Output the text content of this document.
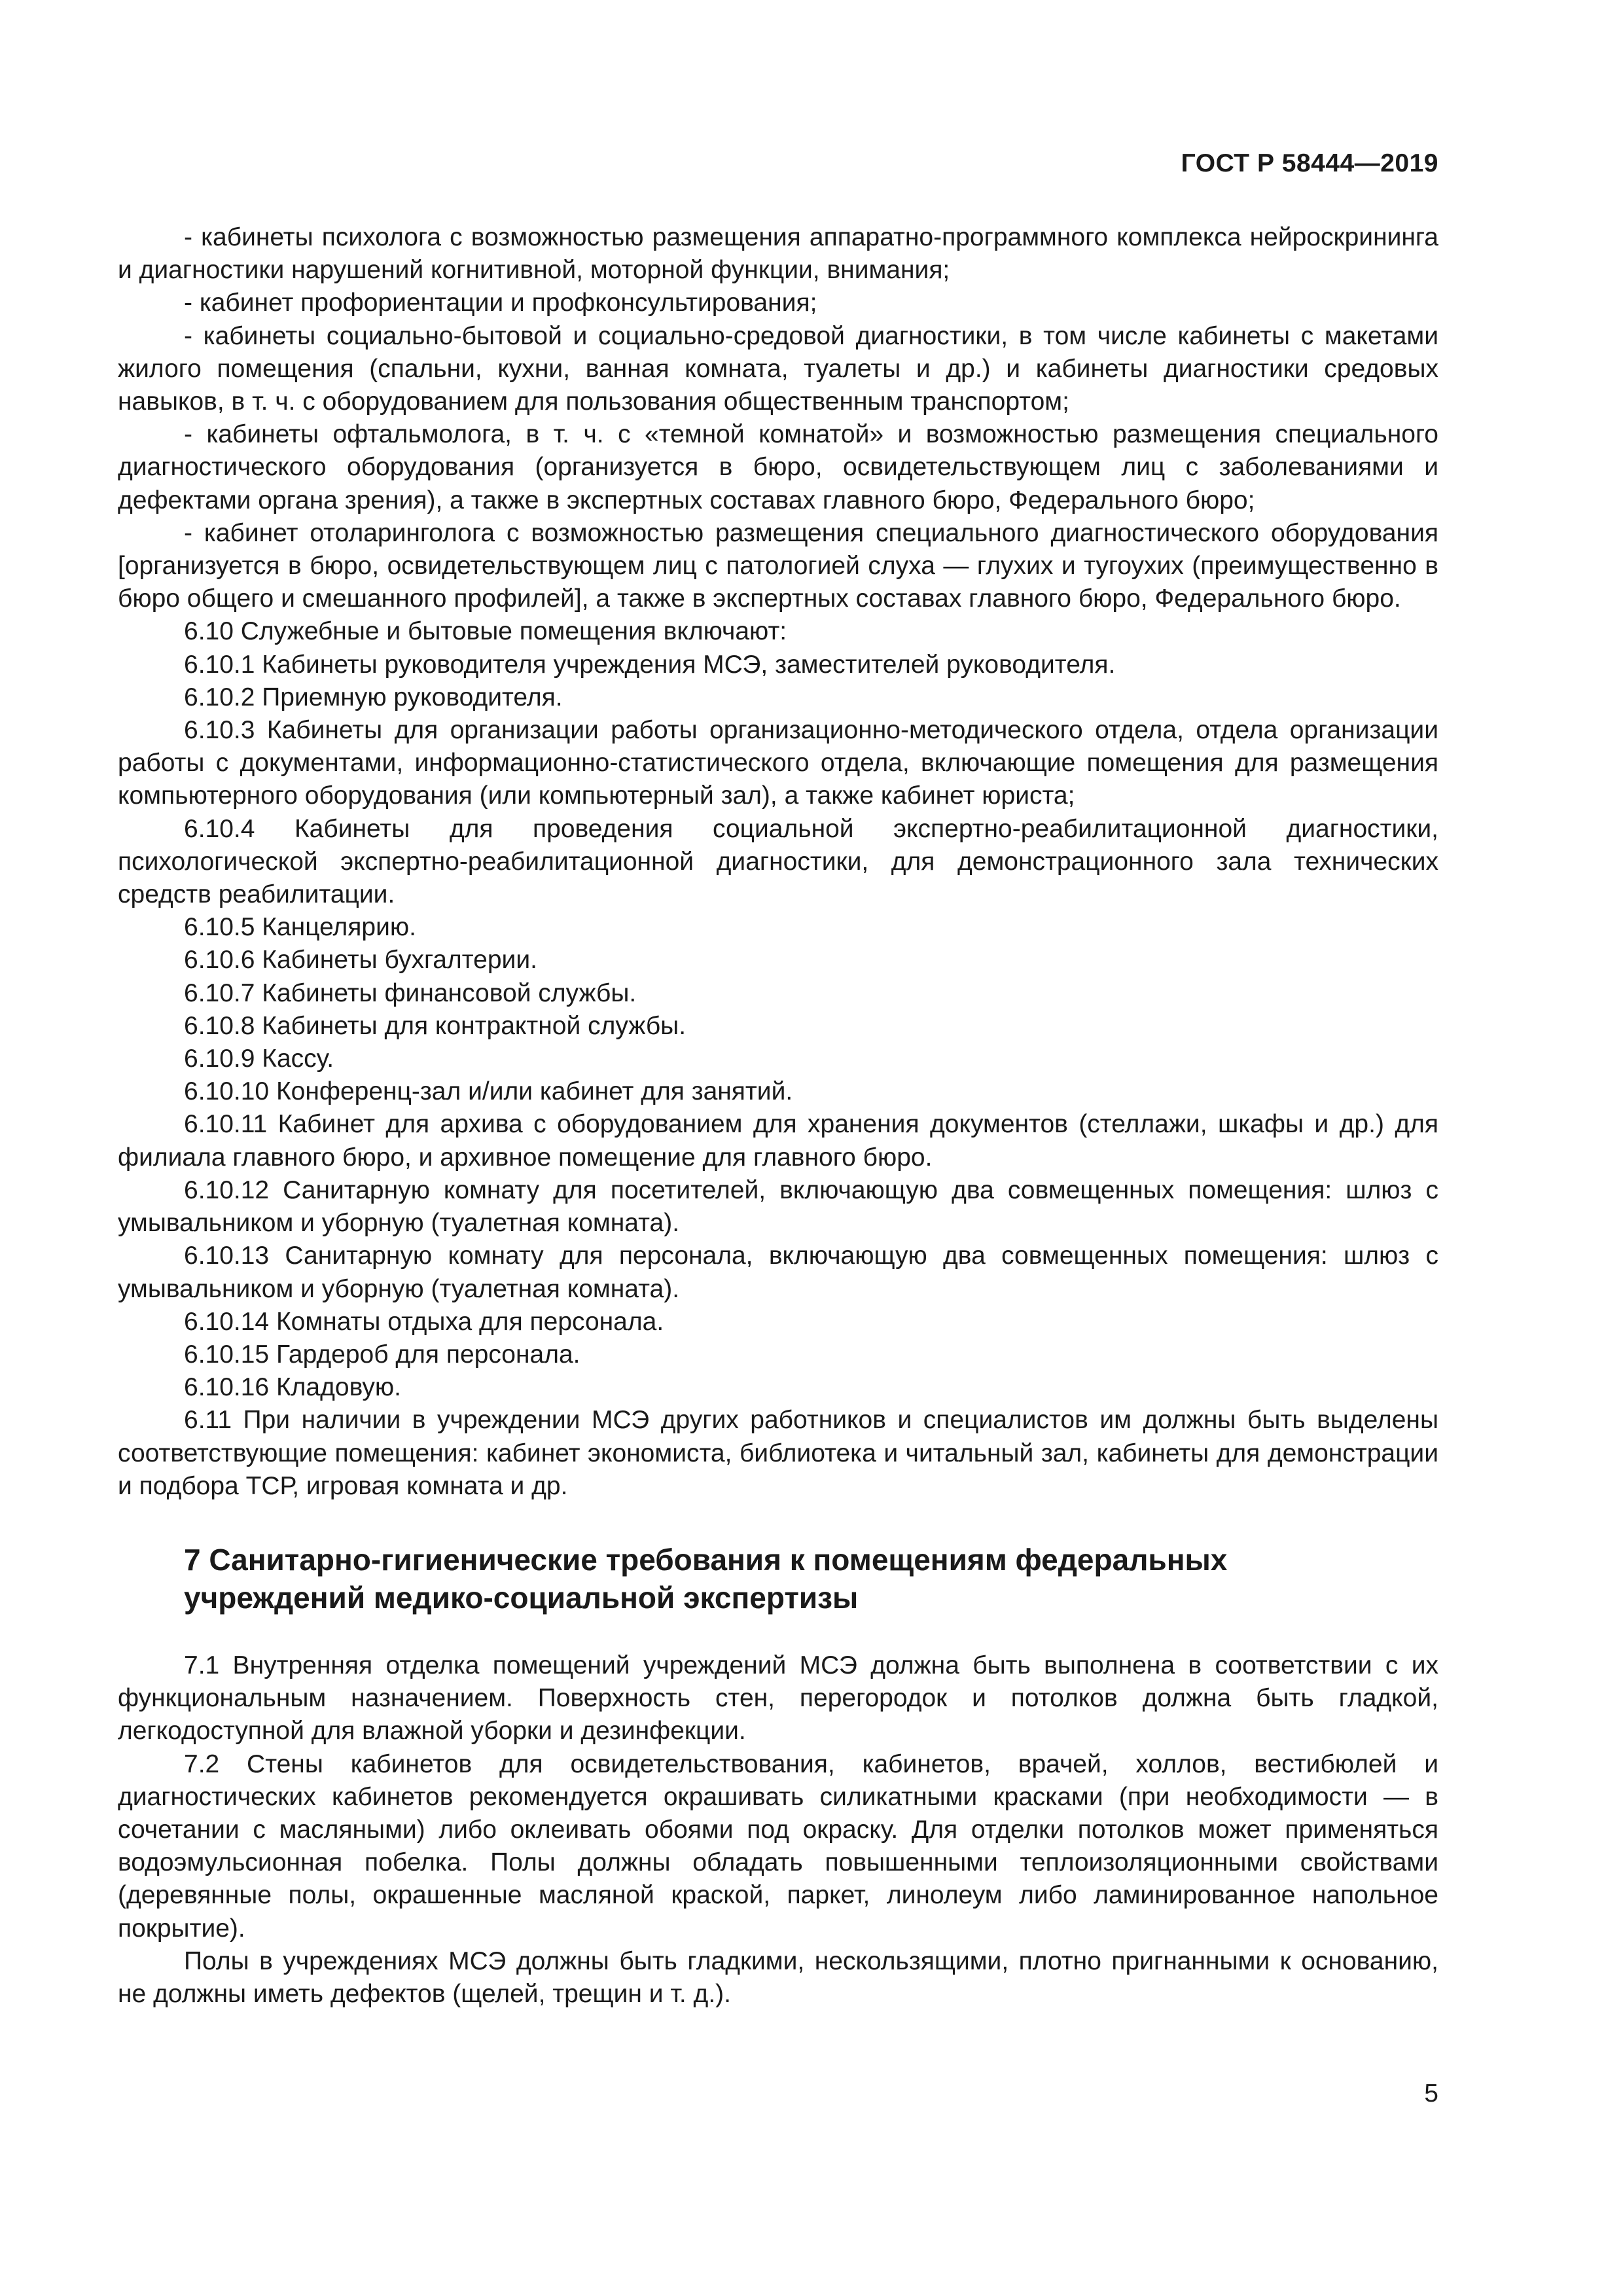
ГОСТ Р 58444—2019

- кабинеты психолога с возможностью размещения аппаратно-программного комплекса нейроскрининга и диагностики нарушений когнитивной, моторной функции, внимания;

- кабинет профориентации и профконсультирования;

- кабинеты социально-бытовой и социально-средовой диагностики, в том числе кабинеты с макетами жилого помещения (спальни, кухни, ванная комната, туалеты и др.) и кабинеты диагностики средовых навыков, в т. ч. с оборудованием для пользования общественным транспортом;

- кабинеты офтальмолога, в т. ч. с «темной комнатой» и возможностью размещения специального диагностического оборудования (организуется в бюро, освидетельствующем лиц с заболеваниями и дефектами органа зрения), а также в экспертных составах главного бюро, Федерального бюро;

- кабинет отоларинголога с возможностью размещения специального диагностического оборудования [организуется в бюро, освидетельствующем лиц с патологией слуха — глухих и тугоухих (преимущественно в бюро общего и смешанного профилей], а также в экспертных составах главного бюро, Федерального бюро.

6.10 Служебные и бытовые помещения включают:

6.10.1 Кабинеты руководителя учреждения МСЭ, заместителей руководителя.

6.10.2 Приемную руководителя.

6.10.3 Кабинеты для организации работы организационно-методического отдела, отдела организации работы с документами, информационно-статистического отдела, включающие помещения для размещения компьютерного оборудования (или компьютерный зал), а также кабинет юриста;

6.10.4 Кабинеты для проведения социальной экспертно-реабилитационной диагностики, психологической экспертно-реабилитационной диагностики, для демонстрационного зала технических средств реабилитации.

6.10.5 Канцелярию.

6.10.6 Кабинеты бухгалтерии.

6.10.7 Кабинеты финансовой службы.

6.10.8 Кабинеты для контрактной службы.

6.10.9 Кассу.

6.10.10 Конференц-зал и/или кабинет для занятий.

6.10.11 Кабинет для архива с оборудованием для хранения документов (стеллажи, шкафы и др.) для филиала главного бюро, и архивное помещение для главного бюро.

6.10.12 Санитарную комнату для посетителей, включающую два совмещенных помещения: шлюз с умывальником и уборную (туалетная комната).

6.10.13 Санитарную комнату для персонала, включающую два совмещенных помещения: шлюз с умывальником и уборную (туалетная комната).

6.10.14 Комнаты отдыха для персонала.

6.10.15 Гардероб для персонала.

6.10.16 Кладовую.

6.11 При наличии в учреждении МСЭ других работников и специалистов им должны быть выделены соответствующие помещения: кабинет экономиста, библиотека и читальный зал, кабинеты для демонстрации и подбора ТСР, игровая комната и др.

7 Санитарно-гигиенические требования к помещениям федеральных
учреждений медико-социальной экспертизы

7.1 Внутренняя отделка помещений учреждений МСЭ должна быть выполнена в соответствии с их функциональным назначением. Поверхность стен, перегородок и потолков должна быть гладкой, легкодоступной для влажной уборки и дезинфекции.

7.2 Стены кабинетов для освидетельствования, кабинетов, врачей, холлов, вестибюлей и диагностических кабинетов рекомендуется окрашивать силикатными красками (при необходимости — в сочетании с масляными) либо оклеивать обоями под окраску. Для отделки потолков может применяться водоэмульсионная побелка. Полы должны обладать повышенными теплоизоляционными свойствами (деревянные полы, окрашенные масляной краской, паркет, линолеум либо ламинированное напольное покрытие).

Полы в учреждениях МСЭ должны быть гладкими, нескользящими, плотно пригнанными к основанию, не должны иметь дефектов (щелей, трещин и т. д.).

5
